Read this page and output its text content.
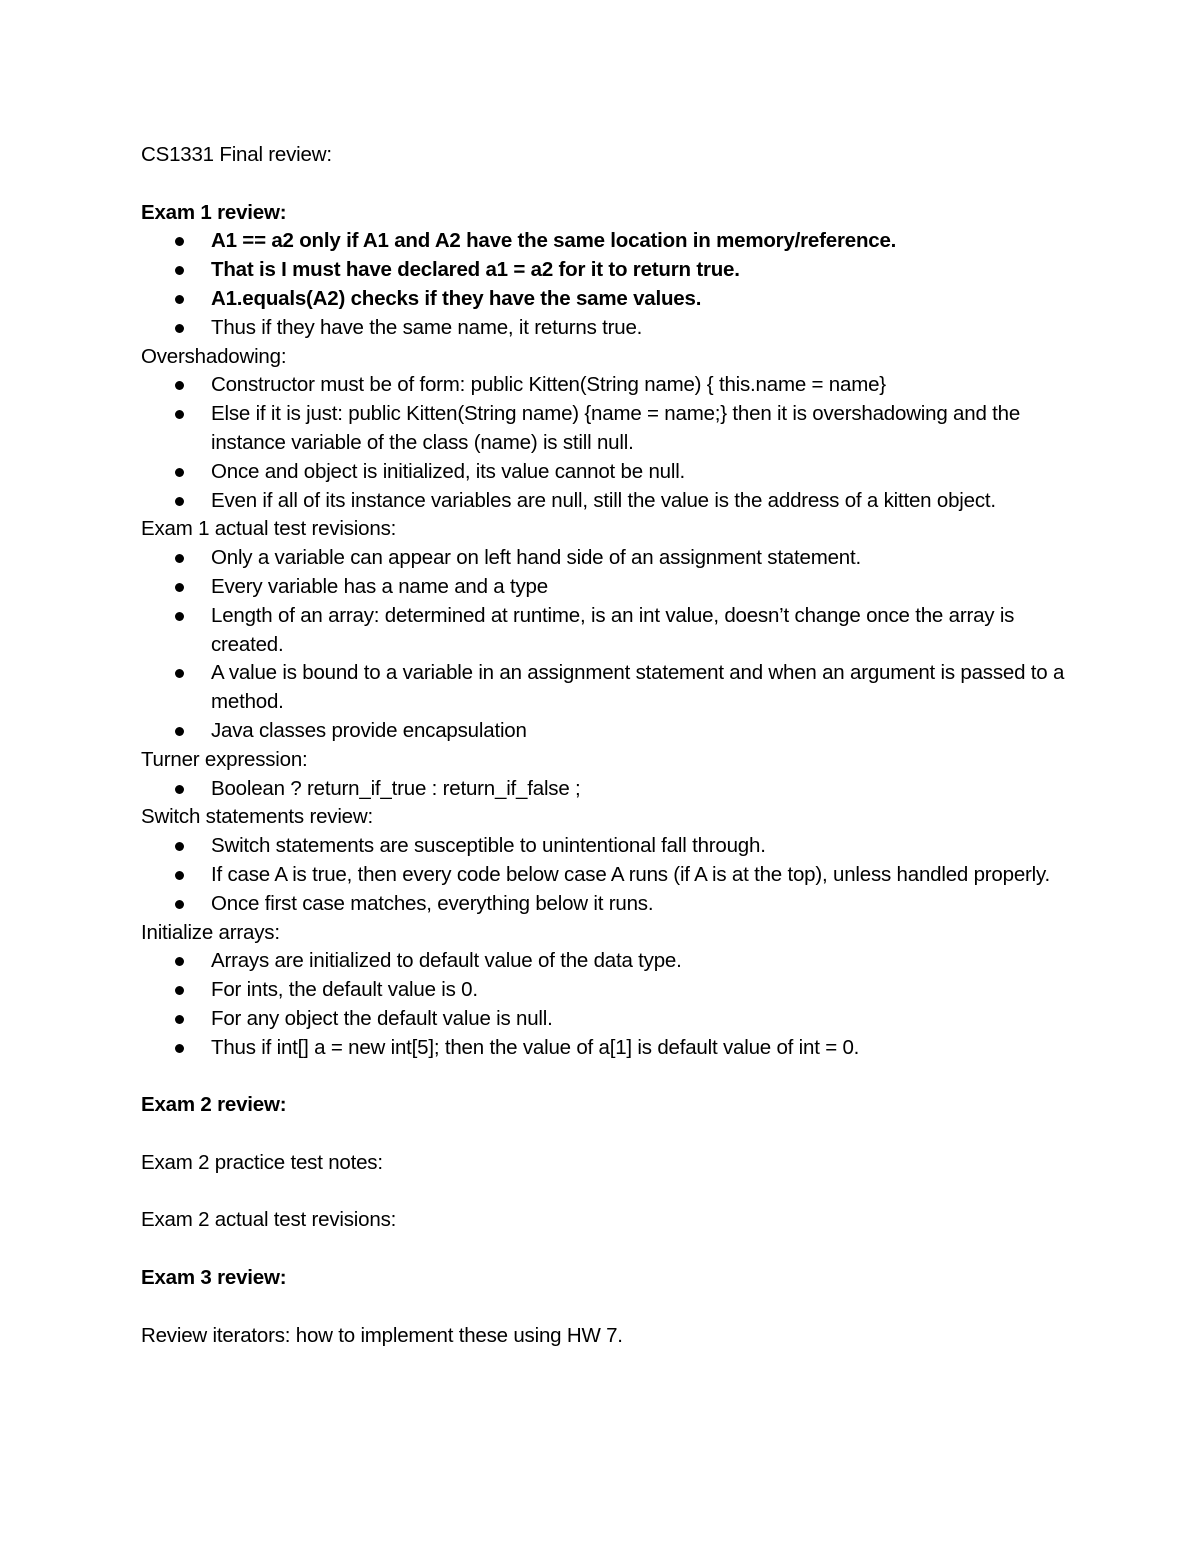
CS1331 Final review:
Exam 1 review:
A1 == a2 only if A1 and A2 have the same location in memory/reference.
That is I must have declared a1 = a2 for it to return true.
A1.equals(A2) checks if they have the same values.
Thus if they have the same name, it returns true.
Overshadowing:
Constructor must be of form: public Kitten(String name) { this.name = name}
Else if it is just: public Kitten(String name) {name = name;} then it is overshadowing and the instance variable of the class (name) is still null.
Once and object is initialized, its value cannot be null.
Even if all of its instance variables are null, still the value is the address of a kitten object.
Exam 1 actual test revisions:
Only a variable can appear on left hand side of an assignment statement.
Every variable has a name and a type
Length of an array: determined at runtime, is an int value, doesn’t change once the array is created.
A value is bound to a variable in an assignment statement and when an argument is passed to a method.
Java classes provide encapsulation
Turner expression:
Boolean ? return_if_true : return_if_false ;
Switch statements review:
Switch statements are susceptible to unintentional fall through.
If case A is true, then every code below case A runs (if A is at the top), unless handled properly.
Once first case matches, everything below it runs.
Initialize arrays:
Arrays are initialized to default value of the data type.
For ints, the default value is 0.
For any object the default value is null.
Thus if int[] a = new int[5]; then the value of a[1] is default value of int = 0.
Exam 2 review:
Exam 2 practice test notes:
Exam 2 actual test revisions:
Exam 3 review:
Review iterators: how to implement these using HW 7.
